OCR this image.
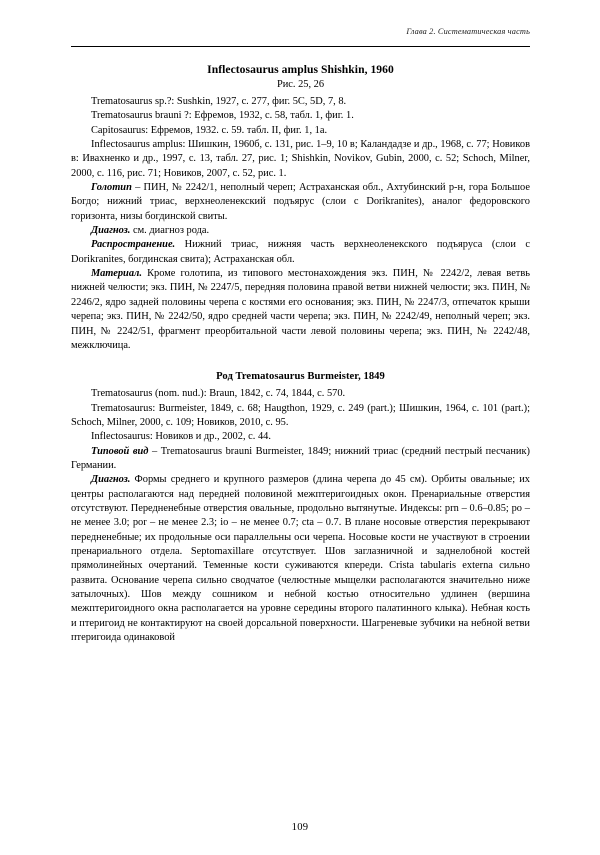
Глава 2. Систематическая часть
Inflectosaurus amplus Shishkin, 1960
Рис. 25, 26

Trematosaurus sp.?: Sushkin, 1927, с. 277, фиг. 5C, 5D, 7, 8.

Trematosaurus brauni ?: Ефремов, 1932, с. 58, табл. 1, фиг. 1.

Capitosaurus: Ефремов, 1932. с. 59. табл. II, фиг. 1, 1a.

Inflectosaurus amplus: Шишкин, 1960б, с. 131, рис. 1–9, 10 в; Каландадзе и др., 1968, с. 77; Новиков в: Ивахненко и др., 1997, с. 13, табл. 27, рис. 1; Shishkin, Novikov, Gubin, 2000, с. 52; Schoch, Milner, 2000, с. 116, рис. 71; Новиков, 2007, с. 52, рис. 1.

Голотип – ПИН, № 2242/1, неполный череп; Астраханская обл., Ахтубинский р-н, гора Большое Богдо; нижний триас, верхнеоленекский подъярус (слои с Dorikranites), аналог федоровского горизонта, низы богдинской свиты.

Диагноз. см. диагноз рода.

Распространение. Нижний триас, нижняя часть верхнеоленекского подъяруса (слои с Dorikranites, богдинская свита); Астраханская обл.

Материал. Кроме голотипа, из типового местонахождения экз. ПИН, № 2242/2, левая ветвь нижней челюсти; экз. ПИН, № 2247/5, передняя половина правой ветви нижней челюсти; экз. ПИН, № 2246/2, ядро задней половины черепа с костями его основания; экз. ПИН, № 2247/3, отпечаток крыши черепа; экз. ПИН, № 2242/50, ядро средней части черепа; экз. ПИН, № 2242/49, неполный череп; экз. ПИН, № 2242/51, фрагмент преорбитальной части левой половины черепа; экз. ПИН, № 2242/48, межключица.

Род Trematosaurus Burmeister, 1849

Trematosaurus (nom. nud.): Braun, 1842, с. 74, 1844, с. 570.

Trematosaurus: Burmeister, 1849, с. 68; Haugthon, 1929, с. 249 (part.); Шишкин, 1964, с. 101 (part.); Schoch, Milner, 2000, с. 109; Новиков, 2010, с. 95.

Inflectosaurus: Новиков и др., 2002, с. 44.

Типовой вид – Trematosaurus brauni Burmeister, 1849; нижний триас (средний пестрый песчаник) Германии.

Диагноз. Формы среднего и крупного размеров (длина черепа до 45 см). Орбиты овальные; их центры располагаются над передней половиной межптеригоидных окон. Пренариальные отверстия отсутствуют. Передненебные отверстия овальные, продольно вытянутые. Индексы: prn – 0.6–0.85; po – не менее 3.0; por – не менее 2.3; io – не менее 0.7; cta – 0.7. В плане носовые отверстия перекрывают передненебные; их продольные оси параллельны оси черепа. Носовые кости не участвуют в строении пренариального отдела. Septomaxillare отсутствует. Шов заглазничной и заднелобной костей прямолинейных очертаний. Теменные кости суживаются кпереди. Crista tabularis externa сильно развита. Основание черепа сильно сводчатое (челюстные мыщелки располагаются значительно ниже затылочных). Шов между сошником и небной костью относительно удлинен (вершина межптеригоидного окна располагается на уровне середины второго палатинного клыка). Небная кость и птеригоид не контактируют на своей дорсальной поверхности. Шагреневые зубчики на небной ветви птеригоида одинаковой

109
